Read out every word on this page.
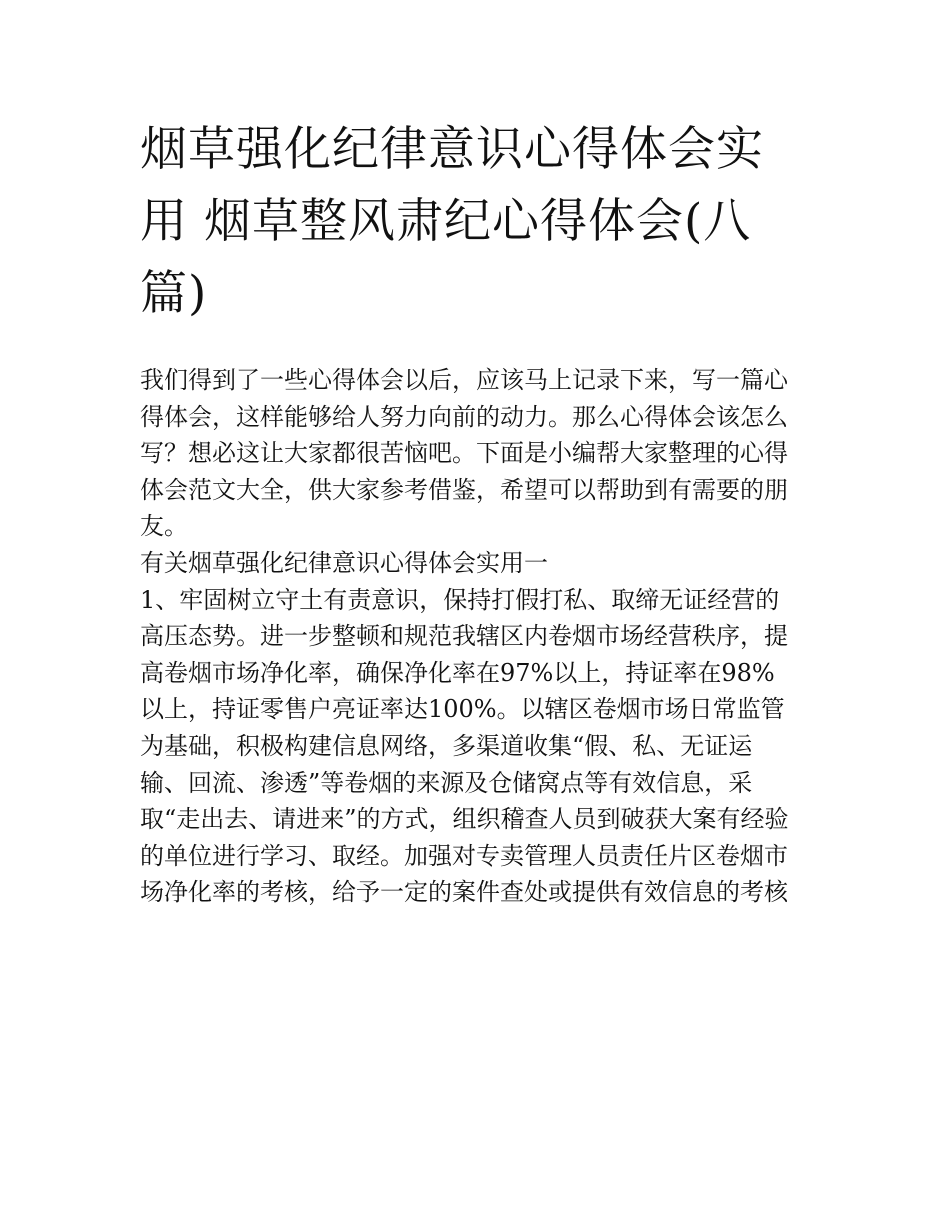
烟草强化纪律意识心得体会实
用 烟草整风肃纪心得体会(八
篇)
我们得到了一些心得体会以后，应该马上记录下来，写一篇心
得体会，这样能够给人努力向前的动力。那么心得体会该怎么
写？想必这让大家都很苦恼吧。下面是小编帮大家整理的心得
体会范文大全，供大家参考借鉴，希望可以帮助到有需要的朋
友。
有关烟草强化纪律意识心得体会实用一
1、牢固树立守土有责意识，保持打假打私、取缔无证经营的
高压态势。进一步整顿和规范我辖区内卷烟市场经营秩序，提
高卷烟市场净化率，确保净化率在97%以上，持证率在98%
以上，持证零售户亮证率达100%。以辖区卷烟市场日常监管
为基础，积极构建信息网络，多渠道收集“假、私、无证运
输、回流、渗透”等卷烟的来源及仓储窝点等有效信息，采
取“走出去、请进来”的方式，组织稽查人员到破获大案有经验
的单位进行学习、取经。加强对专卖管理人员责任片区卷烟市
场净化率的考核，给予一定的案件查处或提供有效信息的考核
